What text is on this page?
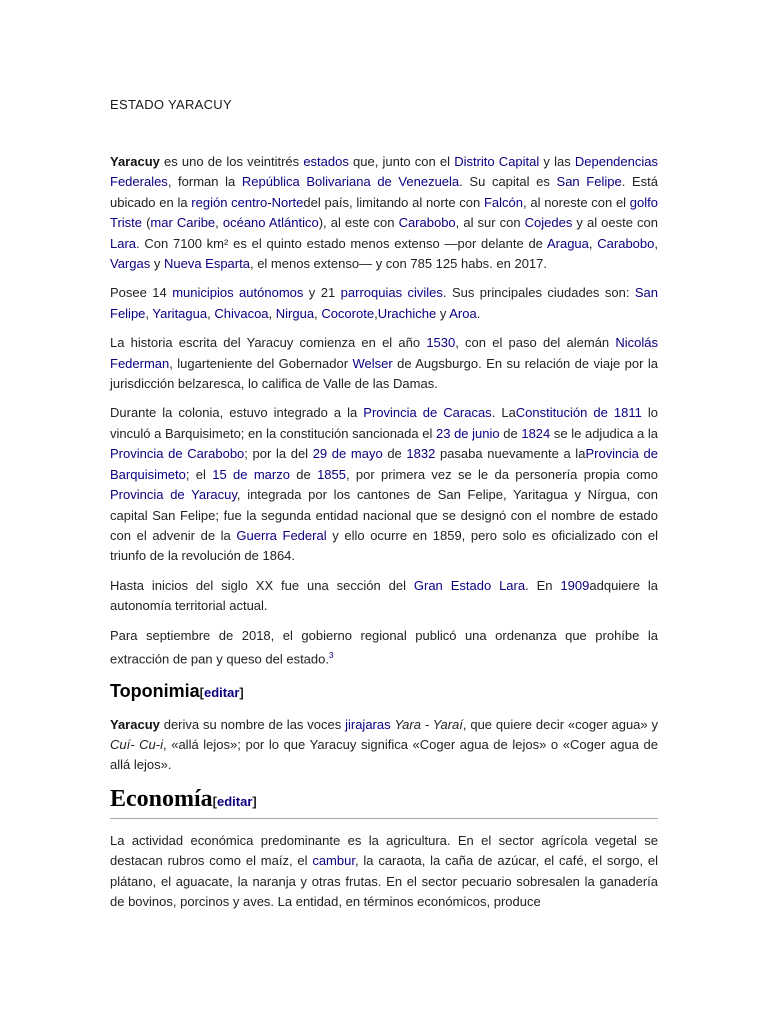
ESTADO YARACUY

Yaracuy es uno de los veintitrés estados que, junto con el Distrito Capital y las Dependencias Federales, forman la República Bolivariana de Venezuela. Su capital es San Felipe. Está ubicado en la región centro-Nortedel país, limitando al norte con Falcón, al noreste con el golfo Triste (mar Caribe, océano Atlántico), al este con Carabobo, al sur con Cojedes y al oeste con Lara. Con 7100 km² es el quinto estado menos extenso —por delante de Aragua, Carabobo, Vargas y Nueva Esparta, el menos extenso— y con 785 125 habs. en 2017.

Posee 14 municipios autónomos y 21 parroquias civiles. Sus principales ciudades son: San Felipe, Yaritagua, Chivacoa, Nirgua, Cocorote,Urachiche y Aroa.

La historia escrita del Yaracuy comienza en el año 1530, con el paso del alemán Nicolás Federman, lugarteniente del Gobernador Welser de Augsburgo. En su relación de viaje por la jurisdicción belzaresca, lo califica de Valle de las Damas.

Durante la colonia, estuvo integrado a la Provincia de Caracas. LaConstitución de 1811 lo vinculó a Barquisimeto; en la constitución sancionada el 23 de junio de 1824 se le adjudica a la Provincia de Carabobo; por la del 29 de mayo de 1832 pasaba nuevamente a laProvincia de Barquisimeto; el 15 de marzo de 1855, por primera vez se le da personería propia como Provincia de Yaracuy, integrada por los cantones de San Felipe, Yaritagua y Nírgua, con capital San Felipe; fue la segunda entidad nacional que se designó con el nombre de estado con el advenir de la Guerra Federal y ello ocurre en 1859, pero solo es oficializado con el triunfo de la revolución de 1864.

Hasta inicios del siglo XX fue una sección del Gran Estado Lara. En 1909adquiere la autonomía territorial actual.

Para septiembre de 2018, el gobierno regional publicó una ordenanza que prohíbe la extracción de pan y queso del estado.$^3$

Toponimia[editar]

Yaracuy deriva su nombre de las voces jirajaras Yara - Yaraí, que quiere decir «coger agua» y Cuí- Cu-i, «allá lejos»; por lo que Yaracuy significa «Coger agua de lejos» o «Coger agua de allá lejos».

Economía[editar]

La actividad económica predominante es la agricultura. En el sector agrícola vegetal se destacan rubros como el maíz, el cambur, la caraota, la caña de azúcar, el café, el sorgo, el plátano, el aguacate, la naranja y otras frutas. En el sector pecuario sobresalen la ganadería de bovinos, porcinos y aves. La entidad, en términos económicos, produce
